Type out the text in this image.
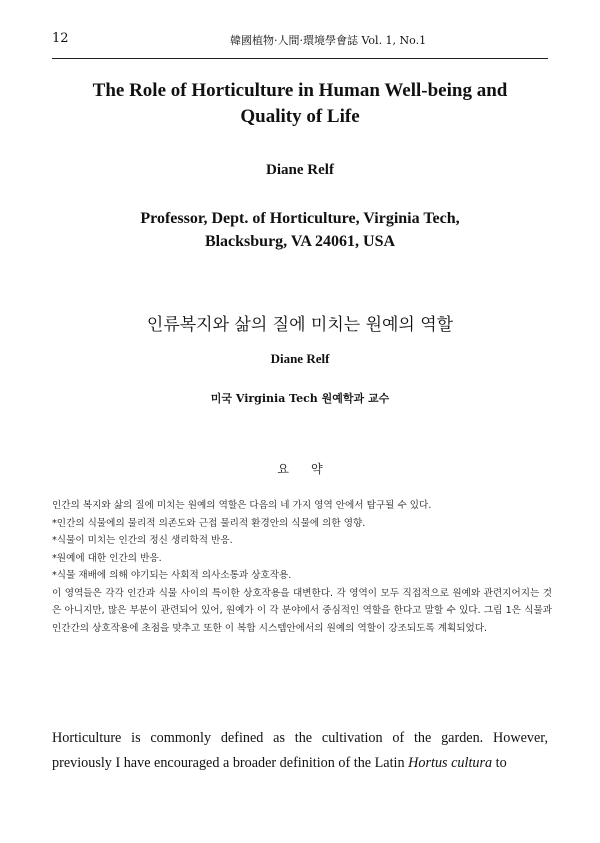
12	韓國植物·人間·環境學會誌 Vol. 1, No.1
The Role of Horticulture in Human Well-being and
Quality of Life
Diane Relf
Professor, Dept. of Horticulture, Virginia Tech,
Blacksburg, VA 24061, USA
인류복지와 삶의 질에 미치는 원예의 역할
Diane Relf
미국 Virginia Tech 원예학과 교수
요약

인간의 복지와 삶의 질에 미치는 원예의 역할은 다음의 네 가지 영역 안에서 탐구될 수 있다.

*인간의 식물에의 물리적 의존도와 근접 물리적 환경안의 식물에 의한 영향.

*식물이 미치는 인간의 정신 생리학적 반응.

*원예에 대한 인간의 반응.

*식물 재배에 의해 야기되는 사회적 의사소통과 상호작용.

이 영역들은 각각 인간과 식물 사이의 특이한 상호작용을 대변한다. 각 영역이 모두 직접적으로 원예와 관련지어지는 것은 아니지만, 많은 부분이 관련되어 있어, 원예가 이 각 분야에서 중심적인 역할을 한다고 말할 수 있다. 그림 1은 식물과 인간간의 상호작용에 초점을 맞추고 또한 이 복합 시스템안에서의 원예의 역할이 강조되도록 계획되었다.

Horticulture is commonly defined as the cultivation of the garden. However, previously I have encouraged a broader definition of the Latin Hortus cultura to
